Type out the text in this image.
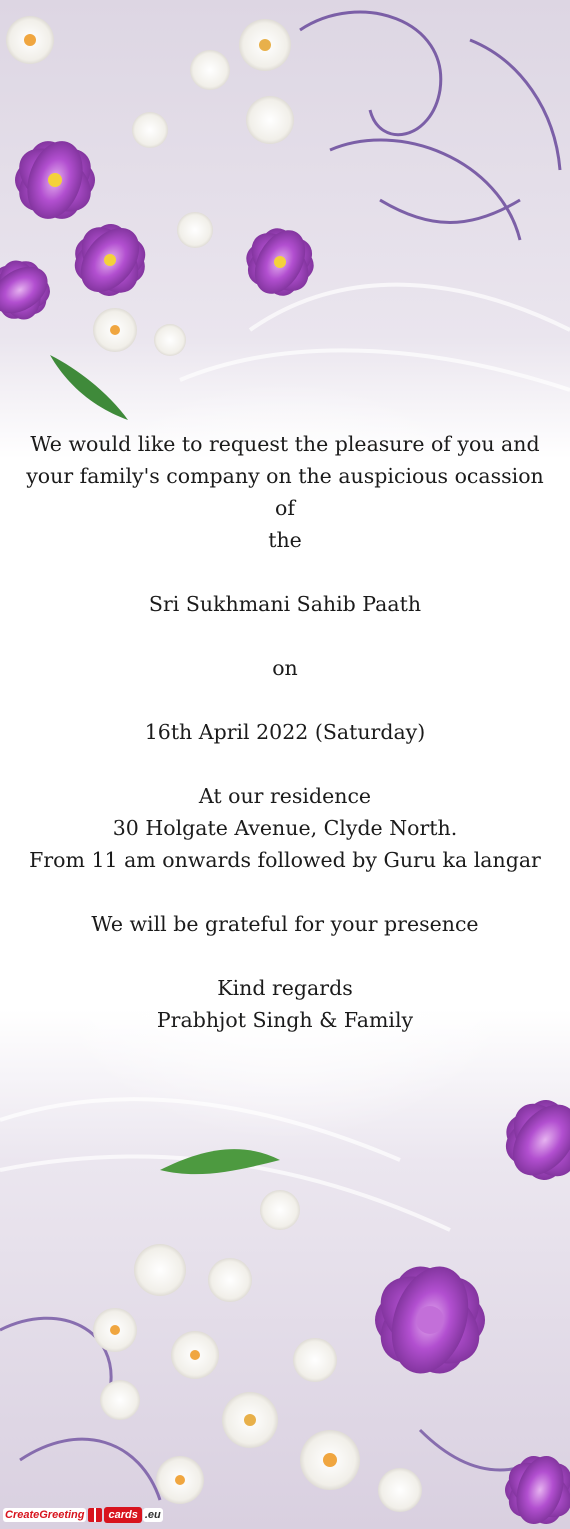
We would like to request the pleasure of you and
your family's company on the auspicious ocassion of
the
Sri Sukhmani Sahib Paath
on
16th April 2022 (Saturday)
At our residence
30 Holgate Avenue, Clyde North.
From 11 am onwards followed by Guru ka langar
We will be grateful for your presence
Kind regards
Prabhjot Singh & Family
CreateGreeting	cards .eu
